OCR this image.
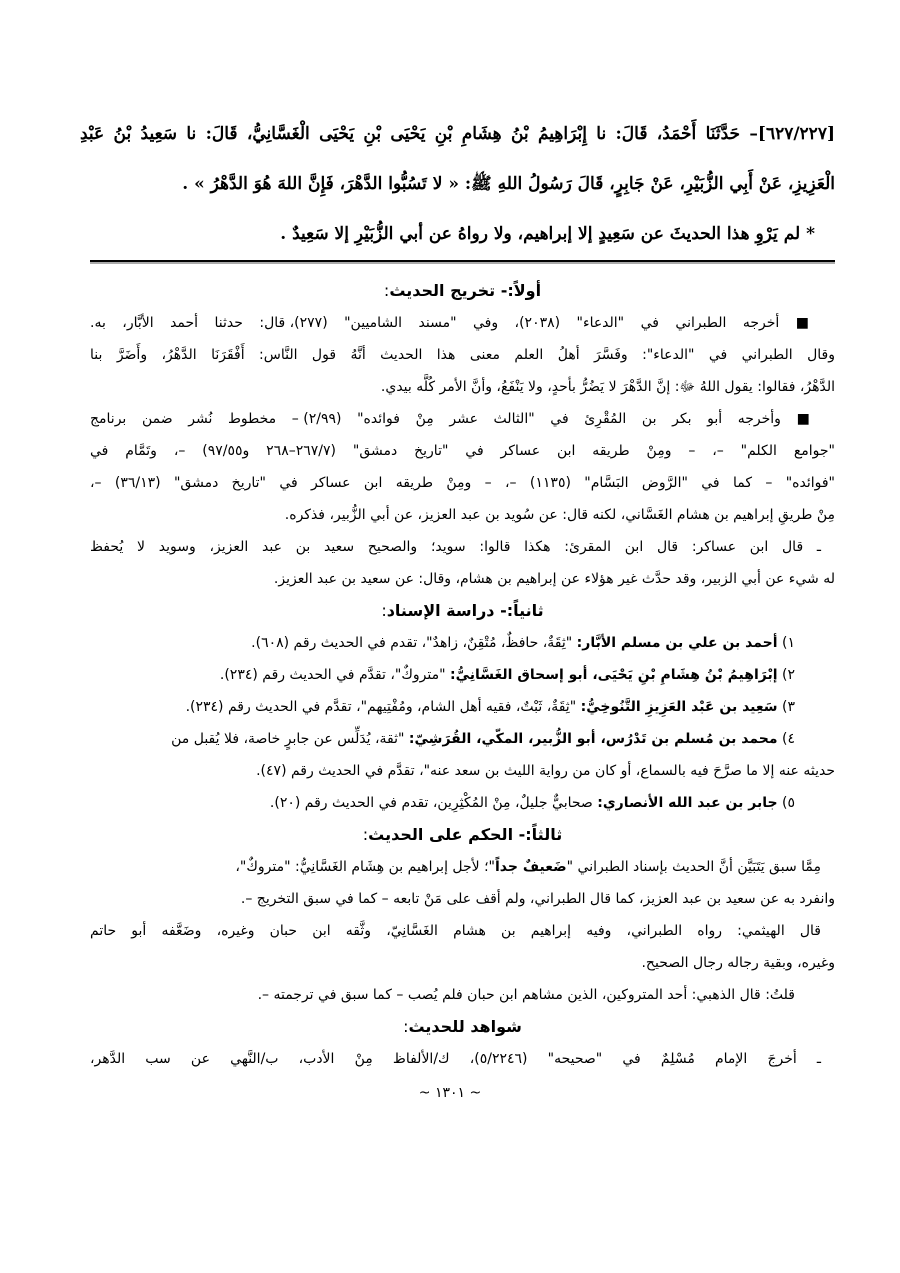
[٦٢٧/٢٢٧]– حَدَّثَنَا أَحْمَدُ، قَالَ: نا إِبْرَاهِيمُ بْنُ هِشَامِ بْنِ يَحْيَى بْنِ يَحْيَى الْغَسَّانِيُّ، قَالَ: نا سَعِيدُ بْنُ عَبْدِ
الْعَزِيزِ، عَنْ أَبِي الزُّبَيْرِ، عَنْ جَابِرٍ، قَالَ رَسُولُ اللهِ ﷺ: « لا تَسُبُّوا الدَّهْرَ، فَإِنَّ اللهَ هُوَ الدَّهْرُ » .
* لم يَرْوِ هذا الحديثَ عن سَعِيدٍ إلا إبراهيم، ولا رواهُ عن أبي الزُّبَيْرِ إلا سَعِيدٌ .
أولاً:- تخريج الحديث:
■ أخرجه الطبراني في "الدعاء" (٢٠٣٨)، وفي "مسند الشاميين" (٢٧٧)، قال: حدثنا أحمد الأبَّار، به.
وقال الطبراني في "الدعاء": وفَسَّرَ أهلُ العلم معنى هذا الحديث أنَّهُ قول النَّاس: أَفْقَرَنَا الدَّهْرُ، وأَضَرَّ بنا
الدَّهْرُ، فقالوا: يقول اللهُ ﷻ: إنَّ الدَّهْرَ لا يَضُرُّ بأحدٍ، ولا يَنْفَعُ، وأنَّ الأمر كُلَّه بيدي.
■ وأخرجه أبو بكر بن المُقْرِئ في "الثالث عشر مِنْ فوائده" (٢/٩٩) – مخطوط نُشر ضمن برنامج
"جوامع الكلم" –، – ومِنْ طريقه ابن عساكر في "تاريخ دمشق" (٢٦٧/٧–٢٦٨ و٩٧/٥٥) –، وتَمَّام في
"فوائده" – كما في "الرَّوض البَسَّام" (١١٣٥) –، – ومِنْ طريقه ابن عساكر في "تاريخ دمشق" (٣٦/١٣) –،
مِنْ طريقِ إبراهيم بن هشام الغَسَّاني، لكنه قال: عن سُويد بن عبد العزيز، عن أبي الزُّبير، فذكره.
ـ قال ابن عساكر: قال ابن المقرئ: هكذا قالوا: سويد؛ والصحيح سعيد بن عبد العزيز، وسويد لا يُحفظ
له شيء عن أبي الزبير، وقد حدَّث غير هؤلاء عن إبراهيم بن هشام، وقال: عن سعيد بن عبد العزيز.
ثانياً:- دراسة الإسناد:
١) أحمد بن علي بن مسلم الأبَّار: "ثِقَةٌ، حافظٌ، مُتْقِنٌ، زاهدٌ"، تقدم في الحديث رقم (٦٠٨).
٢) إبْرَاهِيمُ بْنُ هِشَامِ بْنِ يَحْيَى، أبو إسحاق الغَسَّانِيُّ: "متروكٌ"، تقدَّم في الحديث رقم (٢٣٤).
٣) سَعِيد بن عَبْد العَزِيزِ التَّنُوخِيُّ: "ثِقَةٌ، ثَبْتٌ، فقيه أهل الشام، ومُفْتِيهم"، تقدَّم في الحديث رقم (٢٣٤).
٤) محمد بن مُسلم بن تَدْرُس، أبو الزُّبير، المكّي، القُرَشِيّ: "ثقة، يُدَلِّس عن جابرٍ خاصة، فلا يُقبل من
حديثه عنه إلا ما صرَّحَ فيه بالسماع، أو كان من رواية الليث بن سعد عنه"، تقدَّم في الحديث رقم (٤٧).
٥) جابر بن عبد الله الأنصاري: صحابيٌّ جليلٌ، مِنْ المُكْثِرِين، تقدم في الحديث رقم (٢٠).
ثالثاً:- الحكم على الحديث:
مِمَّا سبق يَتَبَيَّن أنَّ الحديث بإسناد الطبراني "ضَعيفٌ جداً"؛ لأجل إبراهيم بن هِشَام الغَسَّانِيُّ: "متروكٌ"،
وانفرد به عن سعيد بن عبد العزيز، كما قال الطبراني، ولم أقف على مَنْ تابعه – كما في سبق التخريج –.
قال الهيثمي: رواه الطبراني، وفيه إبراهيم بن هشام الغَسَّانِيّ، وثَّقه ابن حبان وغيره، وضَعَّفه أبو حاتم
وغيره، وبقية رجاله رجال الصحيح.
قلتُ: قال الذهبي: أحد المتروكين، الذين مشاهم ابن حبان فلم يُصب – كما سبق في ترجمته –.
شواهد للحديث:
ـ أخرجَ الإمام مُسْلِمٌ في "صحيحه" (٥/٢٢٤٦)، ك/الألفاظ مِنْ الأدب، ب/النَّهي عن سب الدَّهر،
~ ١٣٠١ ~
